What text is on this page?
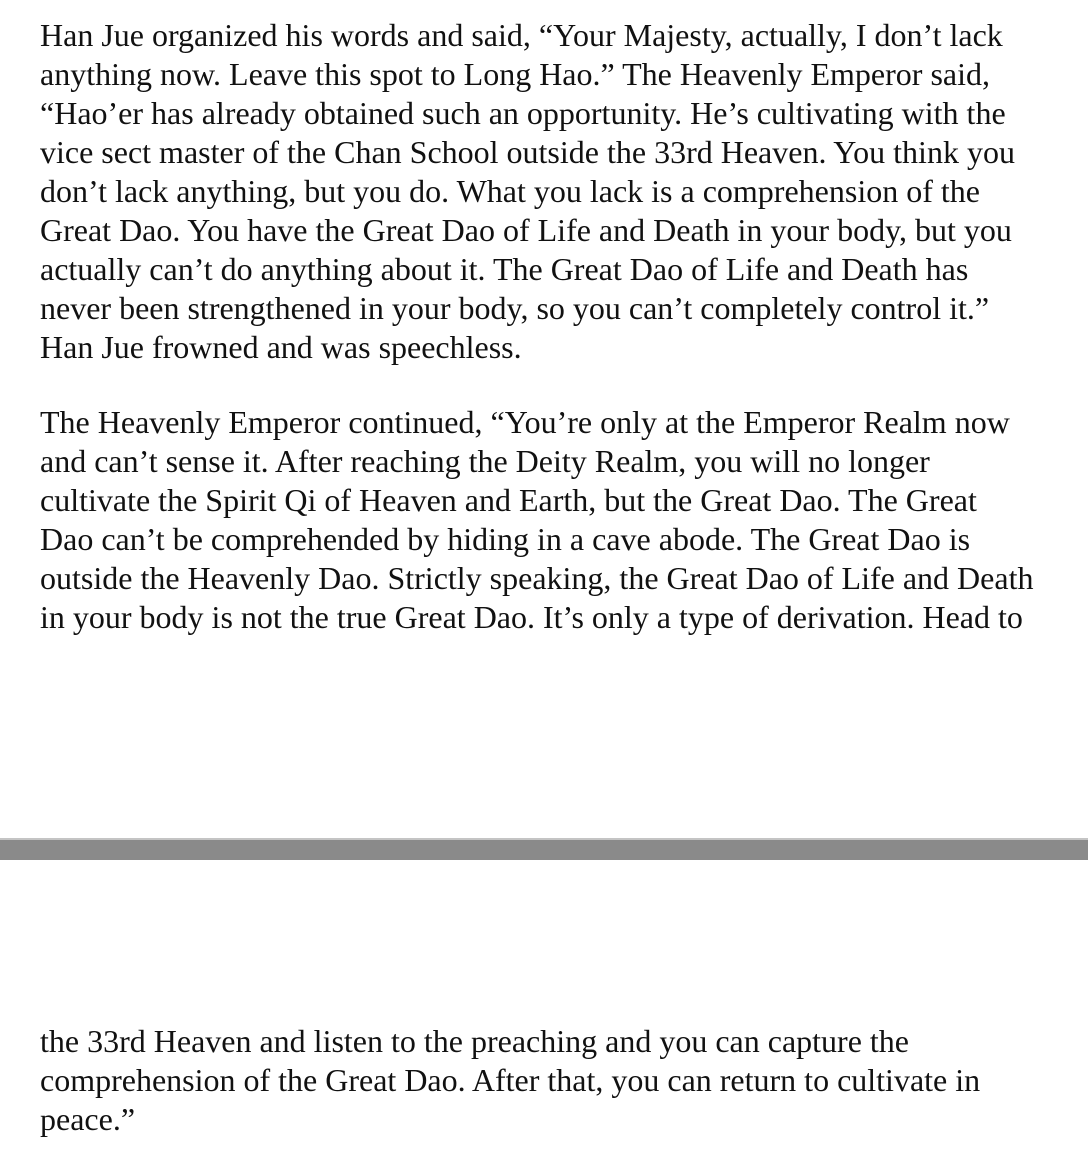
Han Jue organized his words and said, “Your Majesty, actually, I don’t lack
anything now. Leave this spot to Long Hao.” The Heavenly Emperor said,
“Hao’er has already obtained such an opportunity. He’s cultivating with the
vice sect master of the Chan School outside the 33rd Heaven. You think you
don’t lack anything, but you do. What you lack is a comprehension of the
Great Dao. You have the Great Dao of Life and Death in your body, but you
actually can’t do anything about it. The Great Dao of Life and Death has
never been strengthened in your body, so you can’t completely control it.”
Han Jue frowned and was speechless.

The Heavenly Emperor continued, “You’re only at the Emperor Realm now
and can’t sense it. After reaching the Deity Realm, you will no longer
cultivate the Spirit Qi of Heaven and Earth, but the Great Dao. The Great
Dao can’t be comprehended by hiding in a cave abode. The Great Dao is
outside the Heavenly Dao. Strictly speaking, the Great Dao of Life and Death
in your body is not the true Great Dao. It’s only a type of derivation. Head to

the 33rd Heaven and listen to the preaching and you can capture the
comprehension of the Great Dao. After that, you can return to cultivate in
peace.”
